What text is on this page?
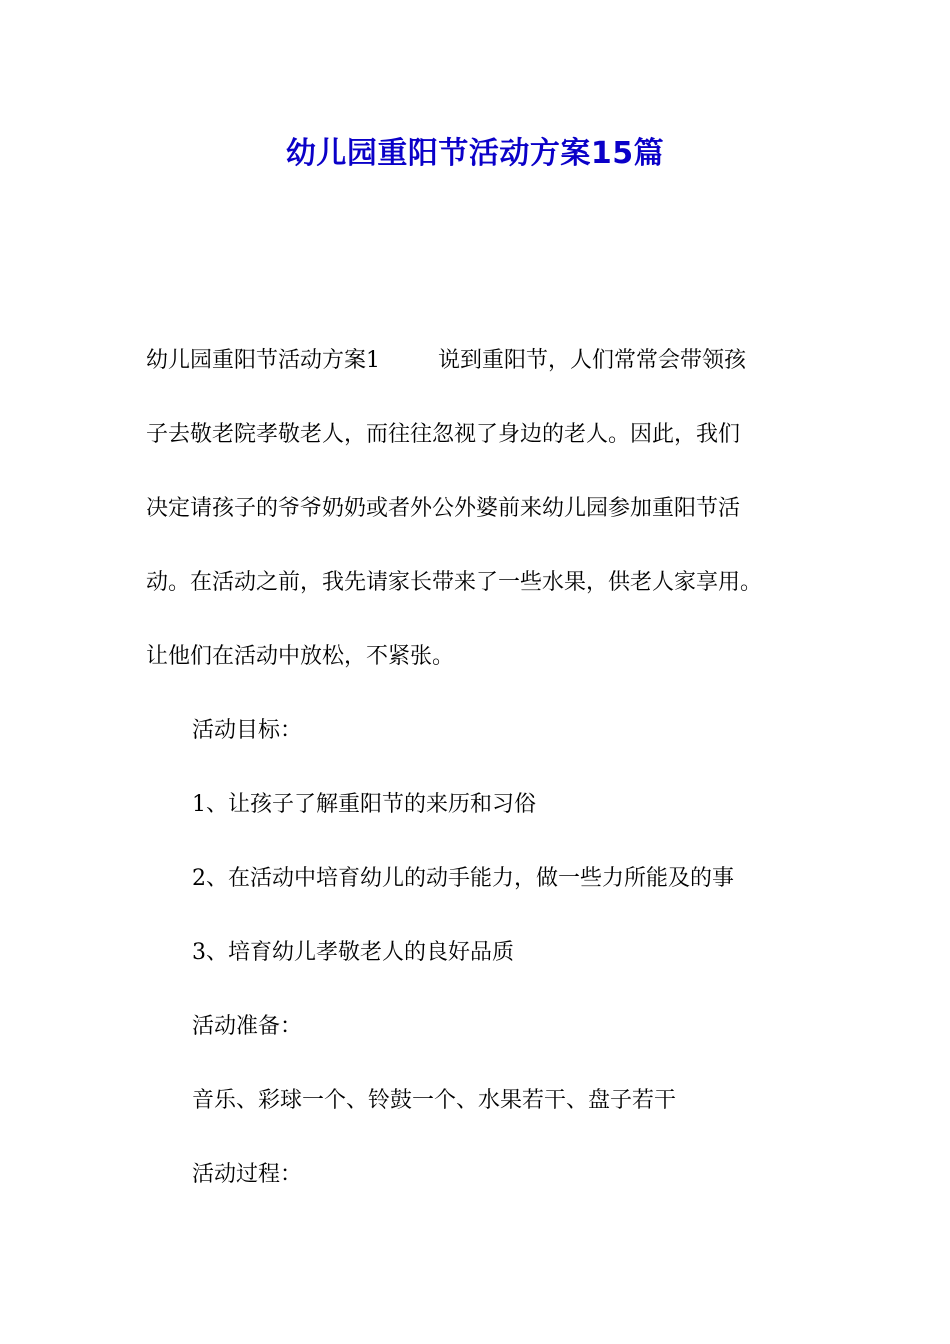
幼儿园重阳节活动方案15篇
幼儿园重阳节活动方案1	说到重阳节，人们常常会带领孩
子去敬老院孝敬老人，而往往忽视了身边的老人。因此，我们
决定请孩子的爷爷奶奶或者外公外婆前来幼儿园参加重阳节活
动。在活动之前，我先请家长带来了一些水果，供老人家享用。
让他们在活动中放松，不紧张。
活动目标：
1、让孩子了解重阳节的来历和习俗
2、在活动中培育幼儿的动手能力，做一些力所能及的事
3、培育幼儿孝敬老人的良好品质
活动准备：
音乐、彩球一个、铃鼓一个、水果若干、盘子若干
活动过程：
